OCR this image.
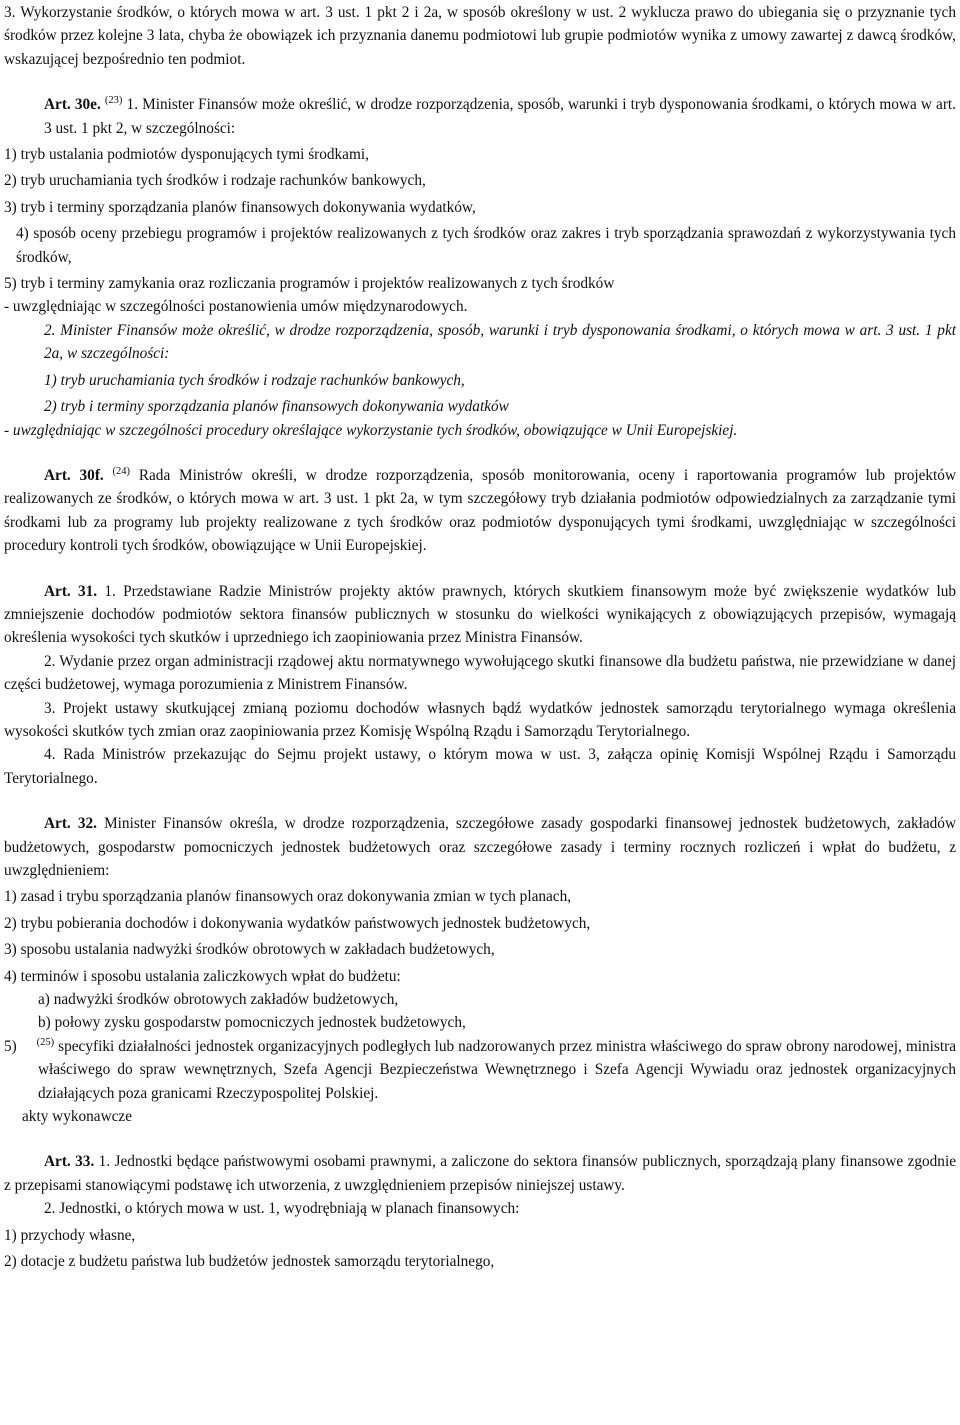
3. Wykorzystanie środków, o których mowa w art. 3 ust. 1 pkt 2 i 2a, w sposób określony w ust. 2 wyklucza prawo do ubiegania się o przyznanie tych środków przez kolejne 3 lata, chyba że obowiązek ich przyznania danemu podmiotowi lub grupie podmiotów wynika z umowy zawartej z dawcą środków, wskazującej bezpośrednio ten podmiot.

Art. 30e. $^{(23)}$ 1. Minister Finansów może określić, w drodze rozporządzenia, sposób, warunki i tryb dysponowania środkami, o których mowa w art. 3 ust. 1 pkt 2, w szczególności:

1) tryb ustalania podmiotów dysponujących tymi środkami,

2) tryb uruchamiania tych środków i rodzaje rachunków bankowych,

3) tryb i terminy sporządzania planów finansowych dokonywania wydatków,

4) sposób oceny przebiegu programów i projektów realizowanych z tych środków oraz zakres i tryb sporządzania sprawozdań z wykorzystywania tych środków,

5) tryb i terminy zamykania oraz rozliczania programów i projektów realizowanych z tych środków

- uwzględniając w szczególności postanowienia umów międzynarodowych.

2. Minister Finansów może określić, w drodze rozporządzenia, sposób, warunki i tryb dysponowania środkami, o których mowa w art. 3 ust. 1 pkt 2a, w szczególności:

1) tryb uruchamiania tych środków i rodzaje rachunków bankowych,

2) tryb i terminy sporządzania planów finansowych dokonywania wydatków

- uwzględniając w szczególności procedury określające wykorzystanie tych środków, obowiązujące w Unii Europejskiej.

Art. 30f. $^{(24)}$ Rada Ministrów określi, w drodze rozporządzenia, sposób monitorowania, oceny i raportowania programów lub projektów realizowanych ze środków, o których mowa w art. 3 ust. 1 pkt 2a, w tym szczegółowy tryb działania podmiotów odpowiedzialnych za zarządzanie tymi środkami lub za programy lub projekty realizowane z tych środków oraz podmiotów dysponujących tymi środkami, uwzględniając w szczególności procedury kontroli tych środków, obowiązujące w Unii Europejskiej.

Art. 31. 1. Przedstawiane Radzie Ministrów projekty aktów prawnych, których skutkiem finansowym może być zwiększenie wydatków lub zmniejszenie dochodów podmiotów sektora finansów publicznych w stosunku do wielkości wynikających z obowiązujących przepisów, wymagają określenia wysokości tych skutków i uprzedniego ich zaopiniowania przez Ministra Finansów.

2. Wydanie przez organ administracji rządowej aktu normatywnego wywołującego skutki finansowe dla budżetu państwa, nie przewidziane w danej części budżetowej, wymaga porozumienia z Ministrem Finansów.

3. Projekt ustawy skutkującej zmianą poziomu dochodów własnych bądź wydatków jednostek samorządu terytorialnego wymaga określenia wysokości skutków tych zmian oraz zaopiniowania przez Komisję Wspólną Rządu i Samorządu Terytorialnego.

4. Rada Ministrów przekazując do Sejmu projekt ustawy, o którym mowa w ust. 3, załącza opinię Komisji Wspólnej Rządu i Samorządu Terytorialnego.

Art. 32. Minister Finansów określa, w drodze rozporządzenia, szczegółowe zasady gospodarki finansowej jednostek budżetowych, zakładów budżetowych, gospodarstw pomocniczych jednostek budżetowych oraz szczegółowe zasady i terminy rocznych rozliczeń i wpłat do budżetu, z uwzględnieniem:

1) zasad i trybu sporządzania planów finansowych oraz dokonywania zmian w tych planach,

2) trybu pobierania dochodów i dokonywania wydatków państwowych jednostek budżetowych,

3) sposobu ustalania nadwyżki środków obrotowych w zakładach budżetowych,

4) terminów i sposobu ustalania zaliczkowych wpłat do budżetu:

a) nadwyżki środków obrotowych zakładów budżetowych,

b) połowy zysku gospodarstw pomocniczych jednostek budżetowych,

5) $^{(25)}$ specyfiki działalności jednostek organizacyjnych podległych lub nadzorowanych przez ministra właściwego do spraw obrony narodowej, ministra właściwego do spraw wewnętrznych, Szefa Agencji Bezpieczeństwa Wewnętrznego i Szefa Agencji Wywiadu oraz jednostek organizacyjnych działających poza granicami Rzeczypospolitej Polskiej.

akty wykonawcze

Art. 33. 1. Jednostki będące państwowymi osobami prawnymi, a zaliczone do sektora finansów publicznych, sporządzają plany finansowe zgodnie z przepisami stanowiącymi podstawę ich utworzenia, z uwzględnieniem przepisów niniejszej ustawy.

2. Jednostki, o których mowa w ust. 1, wyodrębniają w planach finansowych:

1) przychody własne,

2) dotacje z budżetu państwa lub budżetów jednostek samorządu terytorialnego,
